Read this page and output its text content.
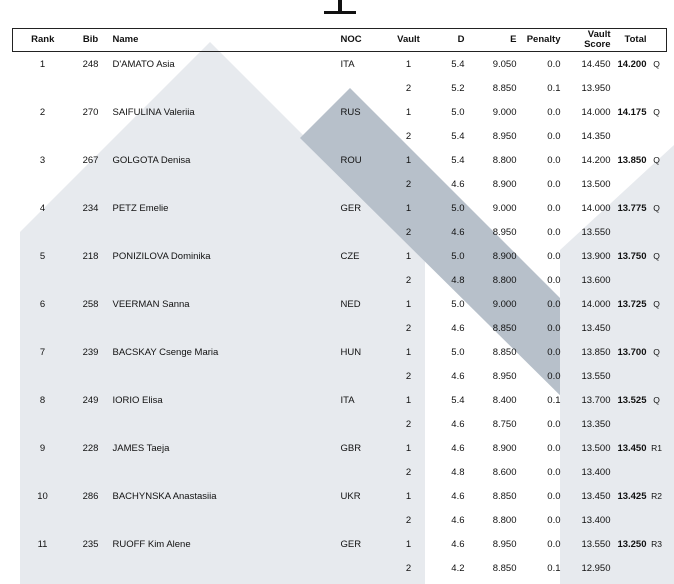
Rank	Bib	Name	NOC	Vault	D	E	Penalty	Vault
Score	Total	
1	248	D'AMATO Asia	ITA	1	5.4	9.050	0.0	14.450	14.200	Q
				2	5.2	8.850	0.1	13.950		
2	270	SAIFULINA Valeriia	RUS	1	5.0	9.000	0.0	14.000	14.175	Q
				2	5.4	8.950	0.0	14.350		
3	267	GOLGOTA Denisa	ROU	1	5.4	8.800	0.0	14.200	13.850	Q
				2	4.6	8.900	0.0	13.500		
4	234	PETZ Emelie	GER	1	5.0	9.000	0.0	14.000	13.775	Q
				2	4.6	8.950	0.0	13.550		
5	218	PONIZILOVA Dominika	CZE	1	5.0	8.900	0.0	13.900	13.750	Q
				2	4.8	8.800	0.0	13.600		
6	258	VEERMAN Sanna	NED	1	5.0	9.000	0.0	14.000	13.725	Q
				2	4.6	8.850	0.0	13.450		
7	239	BACSKAY Csenge Maria	HUN	1	5.0	8.850	0.0	13.850	13.700	Q
				2	4.6	8.950	0.0	13.550		
8	249	IORIO Elisa	ITA	1	5.4	8.400	0.1	13.700	13.525	Q
				2	4.6	8.750	0.0	13.350		
9	228	JAMES Taeja	GBR	1	4.6	8.900	0.0	13.500	13.450	R1
				2	4.8	8.600	0.0	13.400		
10	286	BACHYNSKA Anastasiia	UKR	1	4.6	8.850	0.0	13.450	13.425	R2
				2	4.6	8.800	0.0	13.400		
11	235	RUOFF Kim Alene	GER	1	4.6	8.950	0.0	13.550	13.250	R3
				2	4.2	8.850	0.1	12.950		
